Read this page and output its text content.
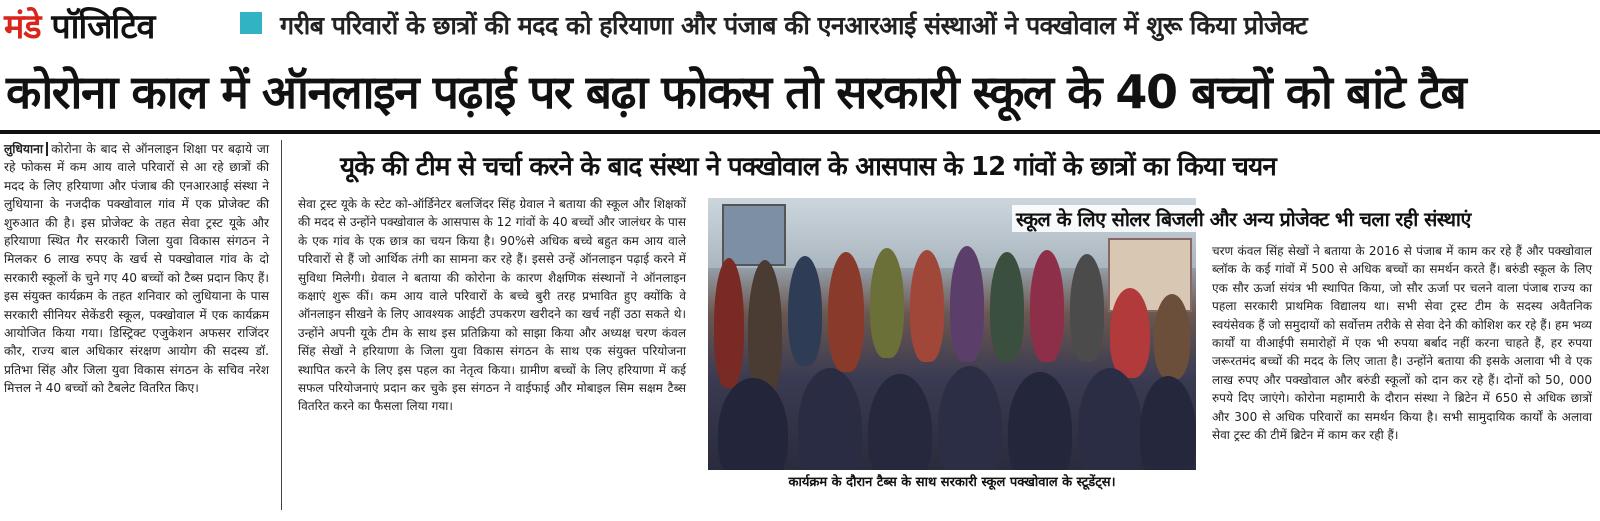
मंडे पॉजिटिव	गरीब परिवारों के छात्रों की मदद को हरियाणा और पंजाब की एनआरआई संस्थाओं ने पक्खोवाल में शुरू किया प्रोजेक्ट
कोरोना काल में ऑनलाइन पढ़ाई पर बढ़ा फोकस तो सरकारी स्कूल के 40 बच्चों को बांटे टैब
लुधियाना कोरोना के बाद से ऑनलाइन शिक्षा पर बढ़ाये जा रहे फोकस में कम आय वाले परिवारों से आ रहे छात्रों की मदद के लिए हरियाणा और पंजाब की एनआरआई संस्था ने लुधियाना के नजदीक पक्खोवाल गांव में एक प्रोजेक्ट की शुरुआत की है। इस प्रोजेक्ट के तहत सेवा ट्रस्ट यूके और हरियाणा स्थित गैर सरकारी जिला युवा विकास संगठन ने मिलकर 6 लाख रुपए के खर्च से पक्खोवाल गांव के दो सरकारी स्कूलों के चुने गए 40 बच्चों को टैब्स प्रदान किए हैं। इस संयुक्त कार्यक्रम के तहत शनिवार को लुधियाना के पास सरकारी सीनियर सेकेंडरी स्कूल, पक्खोवाल में एक कार्यक्रम आयोजित किया गया। डिस्ट्रिक्ट एजुकेशन अफसर राजिंदर कौर, राज्य बाल अधिकार संरक्षण आयोग की सदस्य डॉ. प्रतिभा सिंह और जिला युवा विकास संगठन के सचिव नरेश मित्तल ने 40 बच्चों को टैबलेट वितरित किए।
यूके की टीम से चर्चा करने के बाद संस्था ने पक्खोवाल के आसपास के 12 गांवों के छात्रों का किया चयन
सेवा ट्रस्ट यूके के स्टेट को-ऑर्डिनेटर बलजिंदर सिंह ग्रेवाल ने बताया की स्कूल और शिक्षकों की मदद से उन्होंने पक्खोवाल के आसपास के 12 गांवों के 40 बच्चों और जालंधर के पास के एक गांव के एक छात्र का चयन किया है। 90%से अधिक बच्चे बहुत कम आय वाले परिवारों से हैं जो आर्थिक तंगी का सामना कर रहे हैं। इससे उन्हें ऑनलाइन पढ़ाई करने में सुविधा मिलेगी। ग्रेवाल ने बताया की कोरोना के कारण शैक्षणिक संस्थानों ने ऑनलाइन कक्षाएं शुरू कीं। कम आय वाले परिवारों के बच्चे बुरी तरह प्रभावित हुए क्योंकि वे ऑनलाइन सीखने के लिए आवश्यक आईटी उपकरण खरीदने का खर्च नहीं उठा सकते थे। उन्होंने अपनी यूके टीम के साथ इस प्रतिक्रिया को साझा किया और अध्यक्ष चरण कंवल सिंह सेखों ने हरियाणा के जिला युवा विकास संगठन के साथ एक संयुक्त परियोजना स्थापित करने के लिए इस पहल का नेतृत्व किया। ग्रामीण बच्चों के लिए हरियाणा में कई सफल परियोजनाएं प्रदान कर चुके इस संगठन ने वाईफाई और मोबाइल सिम सक्षम टैब्स वितरित करने का फैसला लिया गया।
स्कूल के लिए सोलर बिजली और अन्य प्रोजेक्ट भी चला रही संस्थाएं
कार्यक्रम के दौरान टैब्स के साथ सरकारी स्कूल पक्खोवाल के स्टूडेंट्स।
चरण कंवल सिंह सेखों ने बताया के 2016 से पंजाब में काम कर रहे हैं और पक्खोवाल ब्लॉक के कई गांवों में 500 से अधिक बच्चों का समर्थन करते हैं। बरुंडी स्कूल के लिए एक सौर ऊर्जा संयंत्र भी स्थापित किया, जो सौर ऊर्जा पर चलने वाला पंजाब राज्य का पहला सरकारी प्राथमिक विद्यालय था। सभी सेवा ट्रस्ट टीम के सदस्य अवैतनिक स्वयंसेवक हैं जो समुदायों को सर्वोत्तम तरीके से सेवा देने की कोशिश कर रहे हैं। हम भव्य कार्यों या वीआईपी समारोहों में एक भी रुपया बर्बाद नहीं करना चाहते हैं, हर रुपया जरूरतमंद बच्चों की मदद के लिए जाता है। उन्होंने बताया की इसके अलावा भी वे एक लाख रुपए और पक्खोवाल और बरुंडी स्कूलों को दान कर रहे हैं। दोनों को 50, 000 रुपये दिए जाएंगे। कोरोना महामारी के दौरान संस्था ने ब्रिटेन में 650 से अधिक छात्रों और 300 से अधिक परिवारों का समर्थन किया है। सभी सामुदायिक कार्यों के अलावा सेवा ट्रस्ट की टीमें ब्रिटेन में काम कर रही हैं।
